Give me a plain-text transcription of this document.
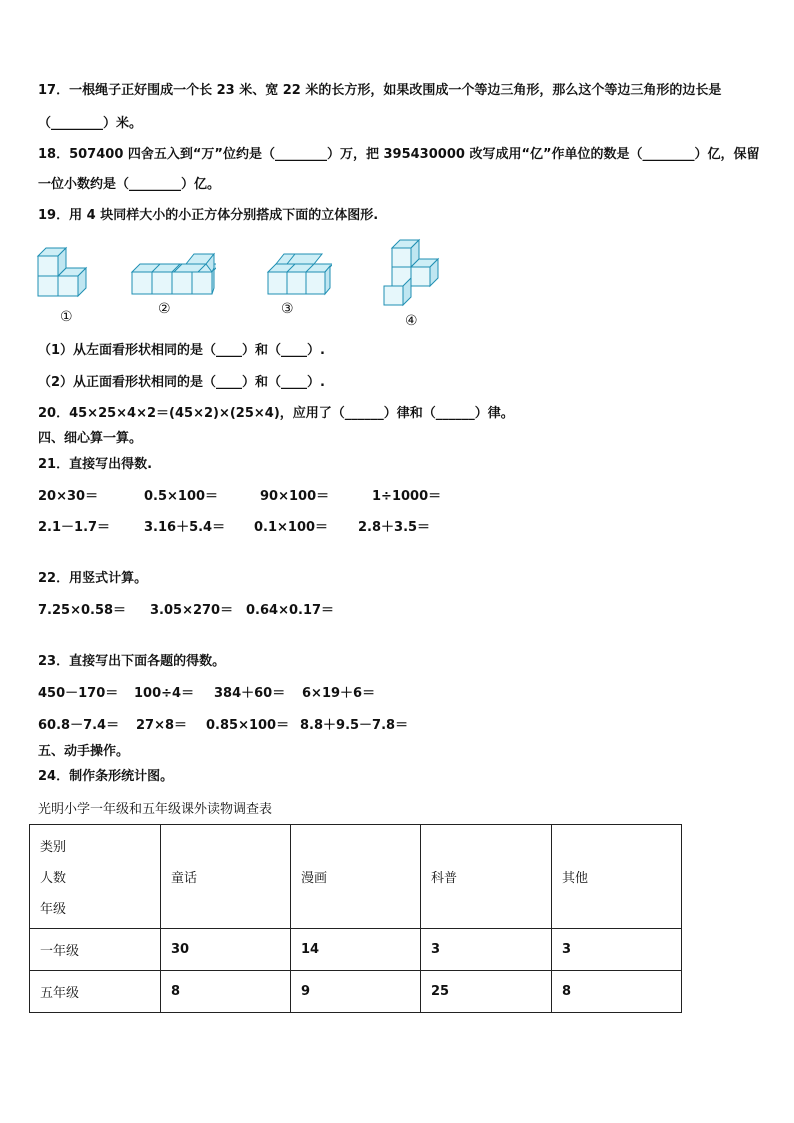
17．一根绳子正好围成一个长 23 米、宽 22 米的长方形，如果改围成一个等边三角形，那么这个等边三角形的边长是
（________）米。
18．507400 四舍五入到“万”位约是（________）万，把 395430000 改写成用“亿”作单位的数是（________）亿，保留
一位小数约是（________）亿。
19．用 4 块同样大小的小正方体分别搭成下面的立体图形.
①	②	③
④
（1）从左面看形状相同的是（____）和（____）.
（2）从正面看形状相同的是（____）和（____）.
20．45×25×4×2＝(45×2)×(25×4)，应用了（______）律和（______）律。
四、细心算一算。
21．直接写出得数.
20×30＝	0.5×100＝	90×100＝	1÷1000＝
2.1－1.7＝	3.16＋5.4＝ 0.1×100＝ 2.8＋3.5＝
22．用竖式计算。
7.25×0.58＝ 3.05×270＝ 0.64×0.17＝
23．直接写出下面各题的得数。
450－170＝ 100÷4＝ 384＋60＝ 6×19＋6＝
60.8－7.4＝ 27×8＝ 0.85×100＝ 8.8＋9.5－7.8＝
五、动手操作。
24．制作条形统计图。
光明小学一年级和五年级课外读物调查表
类别
人数
年级	童话	漫画	科普	其他
一年级	30	14	3	3
五年级	8	9	25	8
